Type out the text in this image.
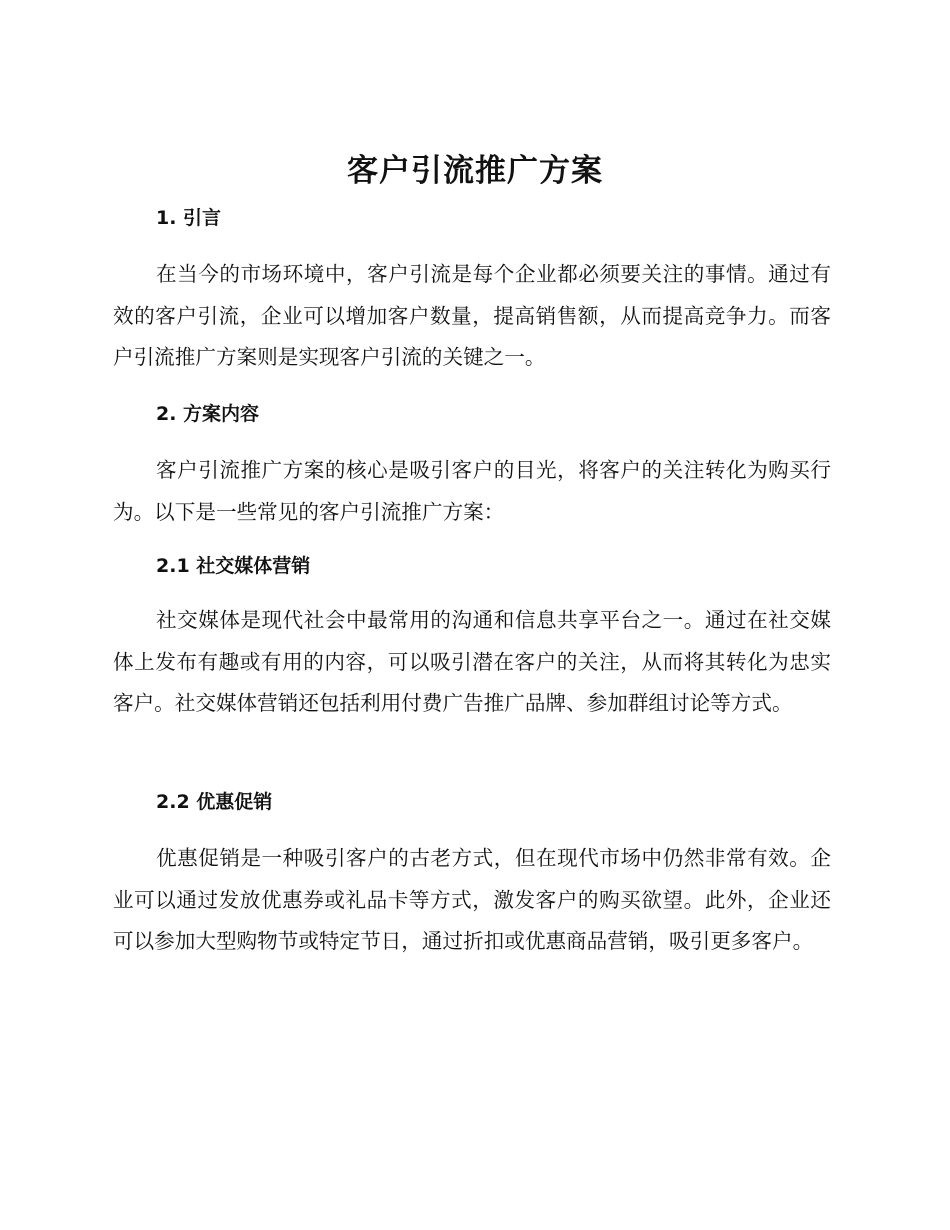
客户引流推广方案
1. 引言

在当今的市场环境中，客户引流是每个企业都必须要关注的事情。通过有效的客户引流，企业可以增加客户数量，提高销售额，从而提高竞争力。而客户引流推广方案则是实现客户引流的关键之一。

2. 方案内容

客户引流推广方案的核心是吸引客户的目光，将客户的关注转化为购买行为。以下是一些常见的客户引流推广方案：

2.1 社交媒体营销

社交媒体是现代社会中最常用的沟通和信息共享平台之一。通过在社交媒体上发布有趣或有用的内容，可以吸引潜在客户的关注，从而将其转化为忠实客户。社交媒体营销还包括利用付费广告推广品牌、参加群组讨论等方式。

2.2 优惠促销

优惠促销是一种吸引客户的古老方式，但在现代市场中仍然非常有效。企业可以通过发放优惠券或礼品卡等方式，激发客户的购买欲望。此外，企业还可以参加大型购物节或特定节日，通过折扣或优惠商品营销，吸引更多客户。
